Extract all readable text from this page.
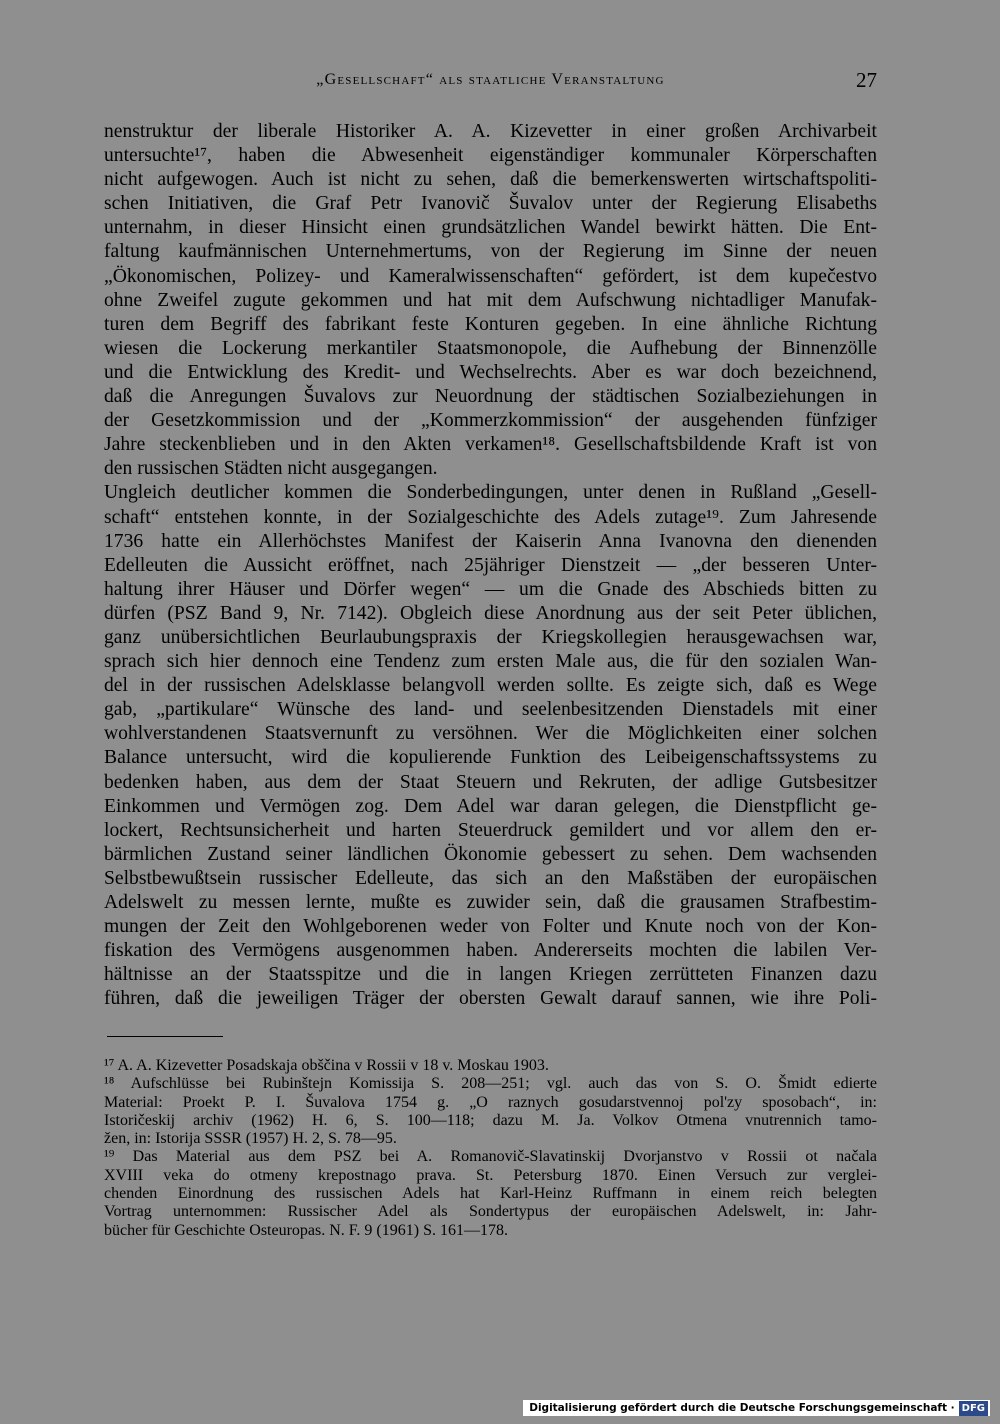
„Gesellschaft“ als staatliche Veranstaltung	27
nenstruktur der liberale Historiker A. A. Kizevetter in einer großen Archivarbeit
untersuchte¹⁷, haben die Abwesenheit eigenständiger kommunaler Körperschaften
nicht aufgewogen. Auch ist nicht zu sehen, daß die bemerkenswerten wirtschaftspoliti-
schen Initiativen, die Graf Petr Ivanovič Šuvalov unter der Regierung Elisabeths
unternahm, in dieser Hinsicht einen grundsätzlichen Wandel bewirkt hätten. Die Ent-
faltung kaufmännischen Unternehmertums, von der Regierung im Sinne der neuen
„Ökonomischen, Polizey- und Kameralwissenschaften“ gefördert, ist dem kupečestvo
ohne Zweifel zugute gekommen und hat mit dem Aufschwung nichtadliger Manufak-
turen dem Begriff des fabrikant feste Konturen gegeben. In eine ähnliche Richtung
wiesen die Lockerung merkantiler Staatsmonopole, die Aufhebung der Binnenzölle
und die Entwicklung des Kredit- und Wechselrechts. Aber es war doch bezeichnend,
daß die Anregungen Šuvalovs zur Neuordnung der städtischen Sozialbeziehungen in
der Gesetzkommission und der „Kommerzkommission“ der ausgehenden fünfziger
Jahre steckenblieben und in den Akten verkamen¹⁸. Gesellschaftsbildende Kraft ist von
den russischen Städten nicht ausgegangen.
Ungleich deutlicher kommen die Sonderbedingungen, unter denen in Rußland „Gesell-
schaft“ entstehen konnte, in der Sozialgeschichte des Adels zutage¹⁹. Zum Jahresende
1736 hatte ein Allerhöchstes Manifest der Kaiserin Anna Ivanovna den dienenden
Edelleuten die Aussicht eröffnet, nach 25jähriger Dienstzeit — „der besseren Unter-
haltung ihrer Häuser und Dörfer wegen“ — um die Gnade des Abschieds bitten zu
dürfen (PSZ Band 9, Nr. 7142). Obgleich diese Anordnung aus der seit Peter üblichen,
ganz unübersichtlichen Beurlaubungspraxis der Kriegskollegien herausgewachsen war,
sprach sich hier dennoch eine Tendenz zum ersten Male aus, die für den sozialen Wan-
del in der russischen Adelsklasse belangvoll werden sollte. Es zeigte sich, daß es Wege
gab, „partikulare“ Wünsche des land- und seelenbesitzenden Dienstadels mit einer
wohlverstandenen Staatsvernunft zu versöhnen. Wer die Möglichkeiten einer solchen
Balance untersucht, wird die kopulierende Funktion des Leibeigenschaftssystems zu
bedenken haben, aus dem der Staat Steuern und Rekruten, der adlige Gutsbesitzer
Einkommen und Vermögen zog. Dem Adel war daran gelegen, die Dienstpflicht ge-
lockert, Rechtsunsicherheit und harten Steuerdruck gemildert und vor allem den er-
bärmlichen Zustand seiner ländlichen Ökonomie gebessert zu sehen. Dem wachsenden
Selbstbewußtsein russischer Edelleute, das sich an den Maßstäben der europäischen
Adelswelt zu messen lernte, mußte es zuwider sein, daß die grausamen Strafbestim-
mungen der Zeit den Wohlgeborenen weder von Folter und Knute noch von der Kon-
fiskation des Vermögens ausgenommen haben. Andererseits mochten die labilen Ver-
hältnisse an der Staatsspitze und die in langen Kriegen zerrütteten Finanzen dazu
führen, daß die jeweiligen Träger der obersten Gewalt darauf sannen, wie ihre Poli-
¹⁷ A. A. Kizevetter Posadskaja obščina v Rossii v 18 v. Moskau 1903.
¹⁸ Aufschlüsse bei Rubinštejn Komissija S. 208—251; vgl. auch das von S. O. Šmidt edierte
Material: Proekt P. I. Šuvalova 1754 g. „O raznych gosudarstvennoj pol'zy sposobach“, in:
Istoričeskij archiv (1962) H. 6, S. 100—118; dazu M. Ja. Volkov Otmena vnutrennich tamo-
žen, in: Istorija SSSR (1957) H. 2, S. 78—95.
¹⁹ Das Material aus dem PSZ bei A. Romanovič-Slavatinskij Dvorjanstvo v Rossii ot načala
XVIII veka do otmeny krepostnago prava. St. Petersburg 1870. Einen Versuch zur verglei-
chenden Einordnung des russischen Adels hat Karl-Heinz Ruffmann in einem reich belegten
Vortrag unternommen: Russischer Adel als Sondertypus der europäischen Adelswelt, in: Jahr-
bücher für Geschichte Osteuropas. N. F. 9 (1961) S. 161—178.
Digitalisierung gefördert durch die Deutsche Forschungsgemeinschaft · DFG
